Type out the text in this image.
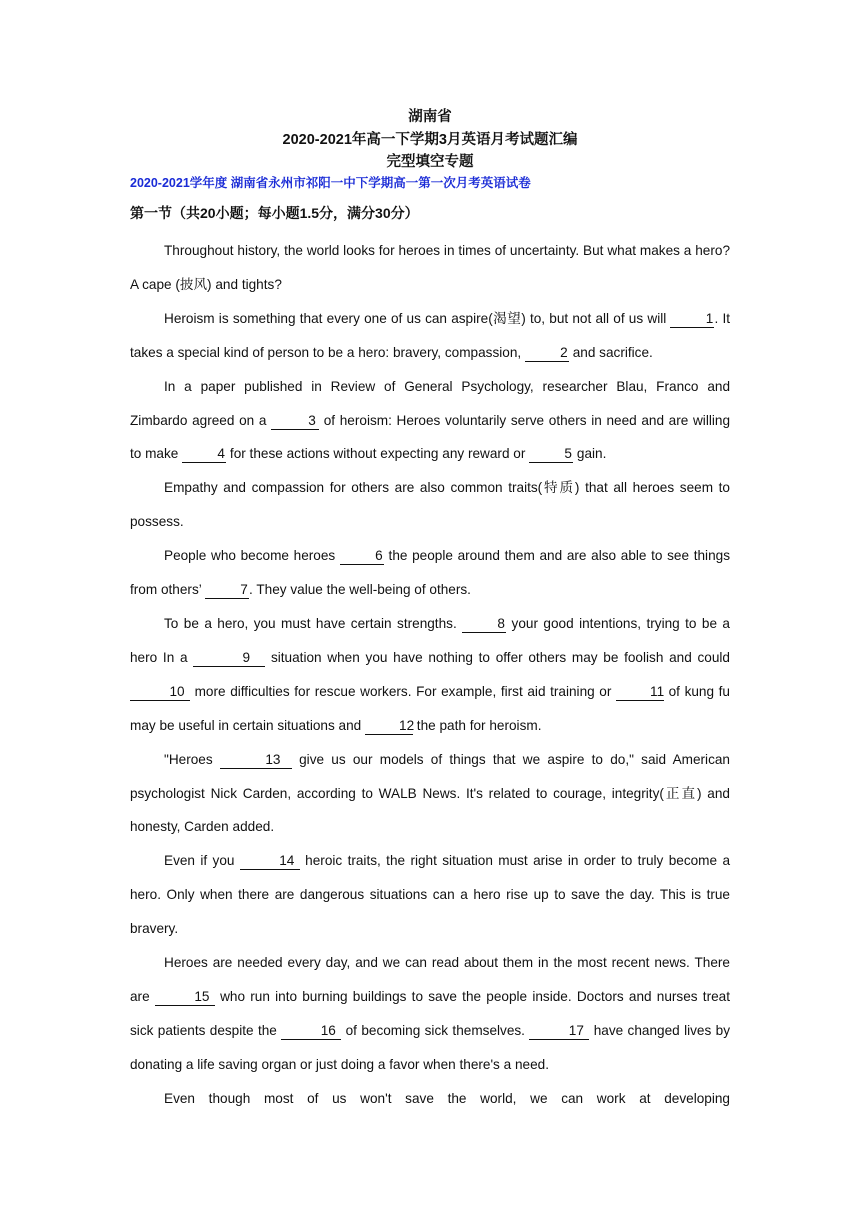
湖南省
2020-2021年高一下学期3月英语月考试题汇编
完型填空专题
2020-2021学年度 湖南省永州市祁阳一中下学期高一第一次月考英语试卷
第一节（共20小题；每小题1.5分，满分30分）

Throughout history, the world looks for heroes in times of uncertainty. But what makes a hero? A cape (披风) and tights?

Heroism is something that every one of us can aspire(渴望) to, but not all of us will	1. It takes a special kind of person to be a hero: bravery, compassion,	2 and sacrifice.

In a paper published in Review of General Psychology, researcher Blau, Franco and Zimbardo agreed on a	3 of heroism: Heroes voluntarily serve others in need and are willing to make	4 for these actions without expecting any reward or	5 gain.

Empathy and compassion for others are also common traits(特质) that all heroes seem to possess.

People who become heroes	6 the people around them and are also able to see things from others’	7. They value the well-being of others.

To be a hero, you must have certain strengths.	8 your good intentions, trying to be a hero In a	9 situation when you have nothing to offer others may be foolish and could 10 more difficulties for rescue workers. For example, first aid training or	11 of kung fu may be useful in certain situations and	12 the path for heroism.

"Heroes	13 give us our models of things that we aspire to do," said American psychologist Nick Carden, according to WALB News. It's related to courage, integrity(正直) and honesty, Carden added.

Even if you	14 heroic traits, the right situation must arise in order to truly become a hero. Only when there are dangerous situations can a hero rise up to save the day. This is true bravery.

Heroes are needed every day, and we can read about them in the most recent news. There are	15 who run into burning buildings to save the people inside. Doctors and nurses treat sick patients despite the	16 of becoming sick themselves.	17 have changed lives by donating a life saving organ or just doing a favor when there's a need.

Even though most of us won't save the world, we can work at developing
